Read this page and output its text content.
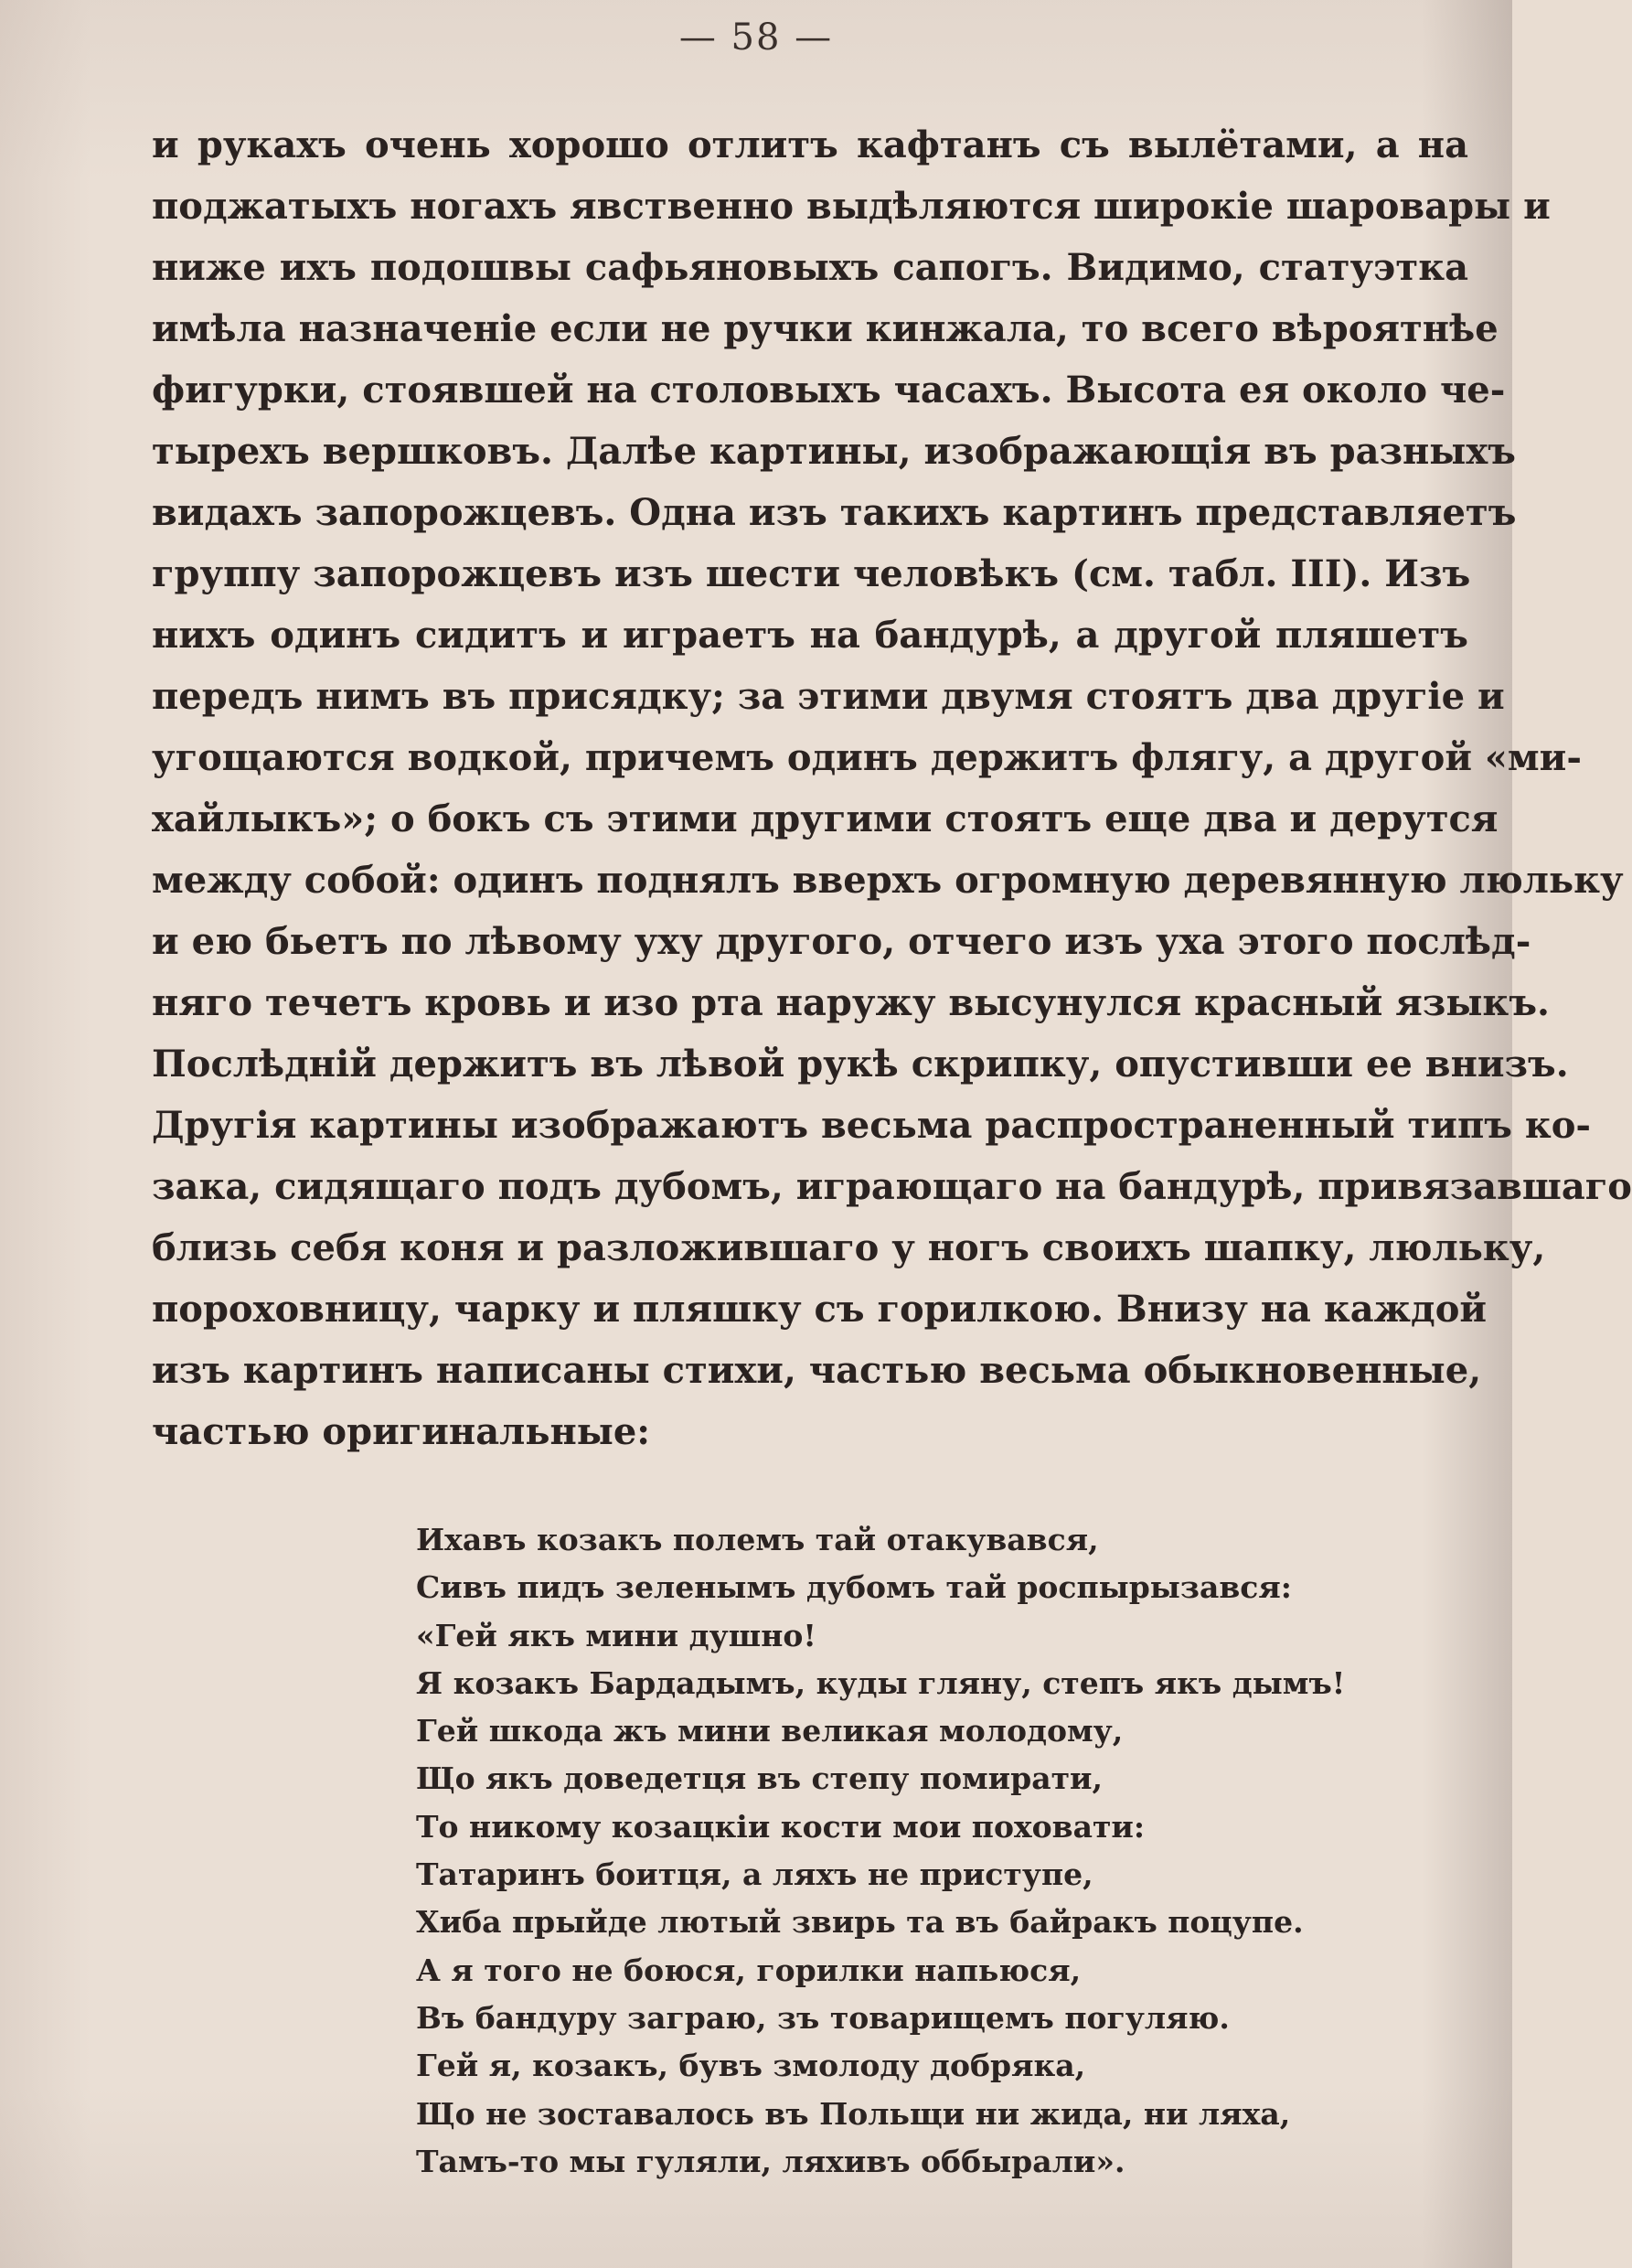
— 58 —
и рукахъ очень хорошо отлитъ кафтанъ съ вылётами, а на
поджатыхъ ногахъ явственно выдѣляются широкіе шаровары и
ниже ихъ подошвы сафьяновыхъ сапогъ. Видимо, статуэтка
имѣла назначеніе если не ручки кинжала, то всего вѣроятнѣе
фигурки, стоявшей на столовыхъ часахъ. Высота ея около че-
тырехъ вершковъ. Далѣе картины, изображающія въ разныхъ
видахъ запорожцевъ. Одна изъ такихъ картинъ представляетъ
группу запорожцевъ изъ шести человѣкъ (см. табл. III). Изъ
нихъ одинъ сидитъ и играетъ на бандурѣ, а другой пляшетъ
передъ нимъ въ присядку; за этими двумя стоятъ два другіе и
угощаются водкой, причемъ одинъ держитъ флягу, а другой «ми-
хайлыкъ»; о бокъ съ этими другими стоятъ еще два и дерутся
между собой: одинъ поднялъ вверхъ огромную деревянную люльку
и ею бьетъ по лѣвому уху другого, отчего изъ уха этого послѣд-
няго течетъ кровь и изо рта наружу высунулся красный языкъ.
Послѣдній держитъ въ лѣвой рукѣ скрипку, опустивши ее внизъ.
Другія картины изображаютъ весьма распространенный типъ ко-
зака, сидящаго подъ дубомъ, играющаго на бандурѣ, привязавшаго
близь себя коня и разложившаго у ногъ своихъ шапку, люльку,
пороховницу, чарку и пляшку съ горилкою. Внизу на каждой
изъ картинъ написаны стихи, частью весьма обыкновенные,
частью оригинальные:
Ихавъ козакъ полемъ тай отакувався,
Сивъ пидъ зеленымъ дубомъ тай роспырызався:
«Гей якъ мини душно!
Я козакъ Бардадымъ, куды гляну, степъ якъ дымъ!
Гей шкода жъ мини великая молодому,
Що якъ доведетця въ степу помирати,
То никому козацкіи кости мои поховати:
Татаринъ боитця, а ляхъ не приступе,
Хиба прыйде лютый звирь та въ байракъ поцупе.
А я того не боюся, горилки напьюся,
Въ бандуру заграю, зъ товарищемъ погуляю.
Гей я, козакъ, бувъ змолоду добряка,
Що не зоставалось въ Польщи ни жида, ни ляха,
Тамъ-то мы гуляли, ляхивъ оббырали».
